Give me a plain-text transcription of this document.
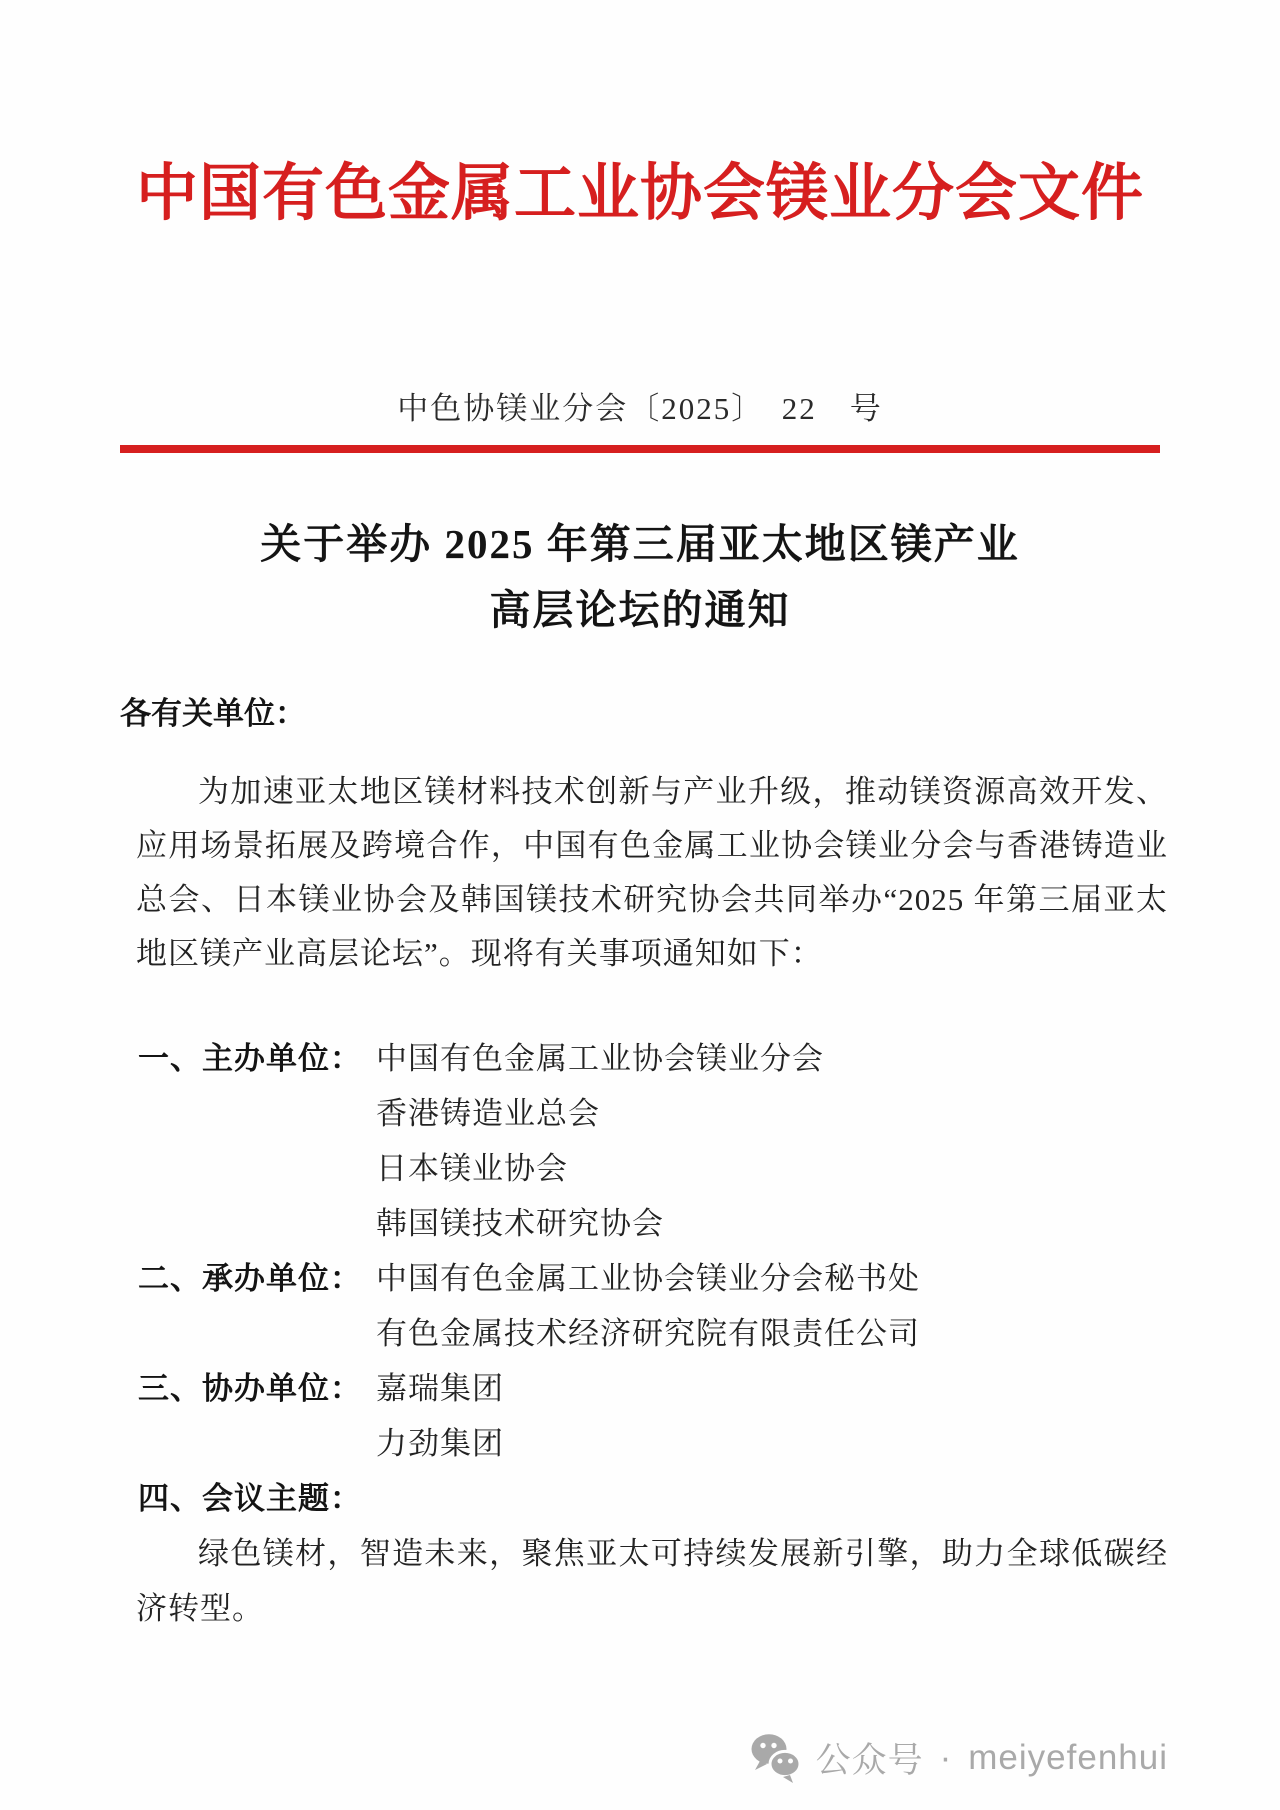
中国有色金属工业协会镁业分会文件
中色协镁业分会〔2025〕　22　号
关于举办 2025 年第三届亚太地区镁产业
高层论坛的通知
各有关单位：

为加速亚太地区镁材料技术创新与产业升级，推动镁资源高效开发、应用场景拓展及跨境合作，中国有色金属工业协会镁业分会与香港铸造业总会、日本镁业协会及韩国镁技术研究协会共同举办“2025 年第三届亚太地区镁产业高层论坛”。现将有关事项通知如下：

一、主办单位： 中国有色金属工业协会镁业分会
香港铸造业总会
日本镁业协会
韩国镁技术研究协会
二、承办单位： 中国有色金属工业协会镁业分会秘书处
有色金属技术经济研究院有限责任公司
三、协办单位： 嘉瑞集团
力劲集团
四、会议主题：

绿色镁材，智造未来，聚焦亚太可持续发展新引擎，助力全球低碳经济转型。

公众号 · meiyefenhui
